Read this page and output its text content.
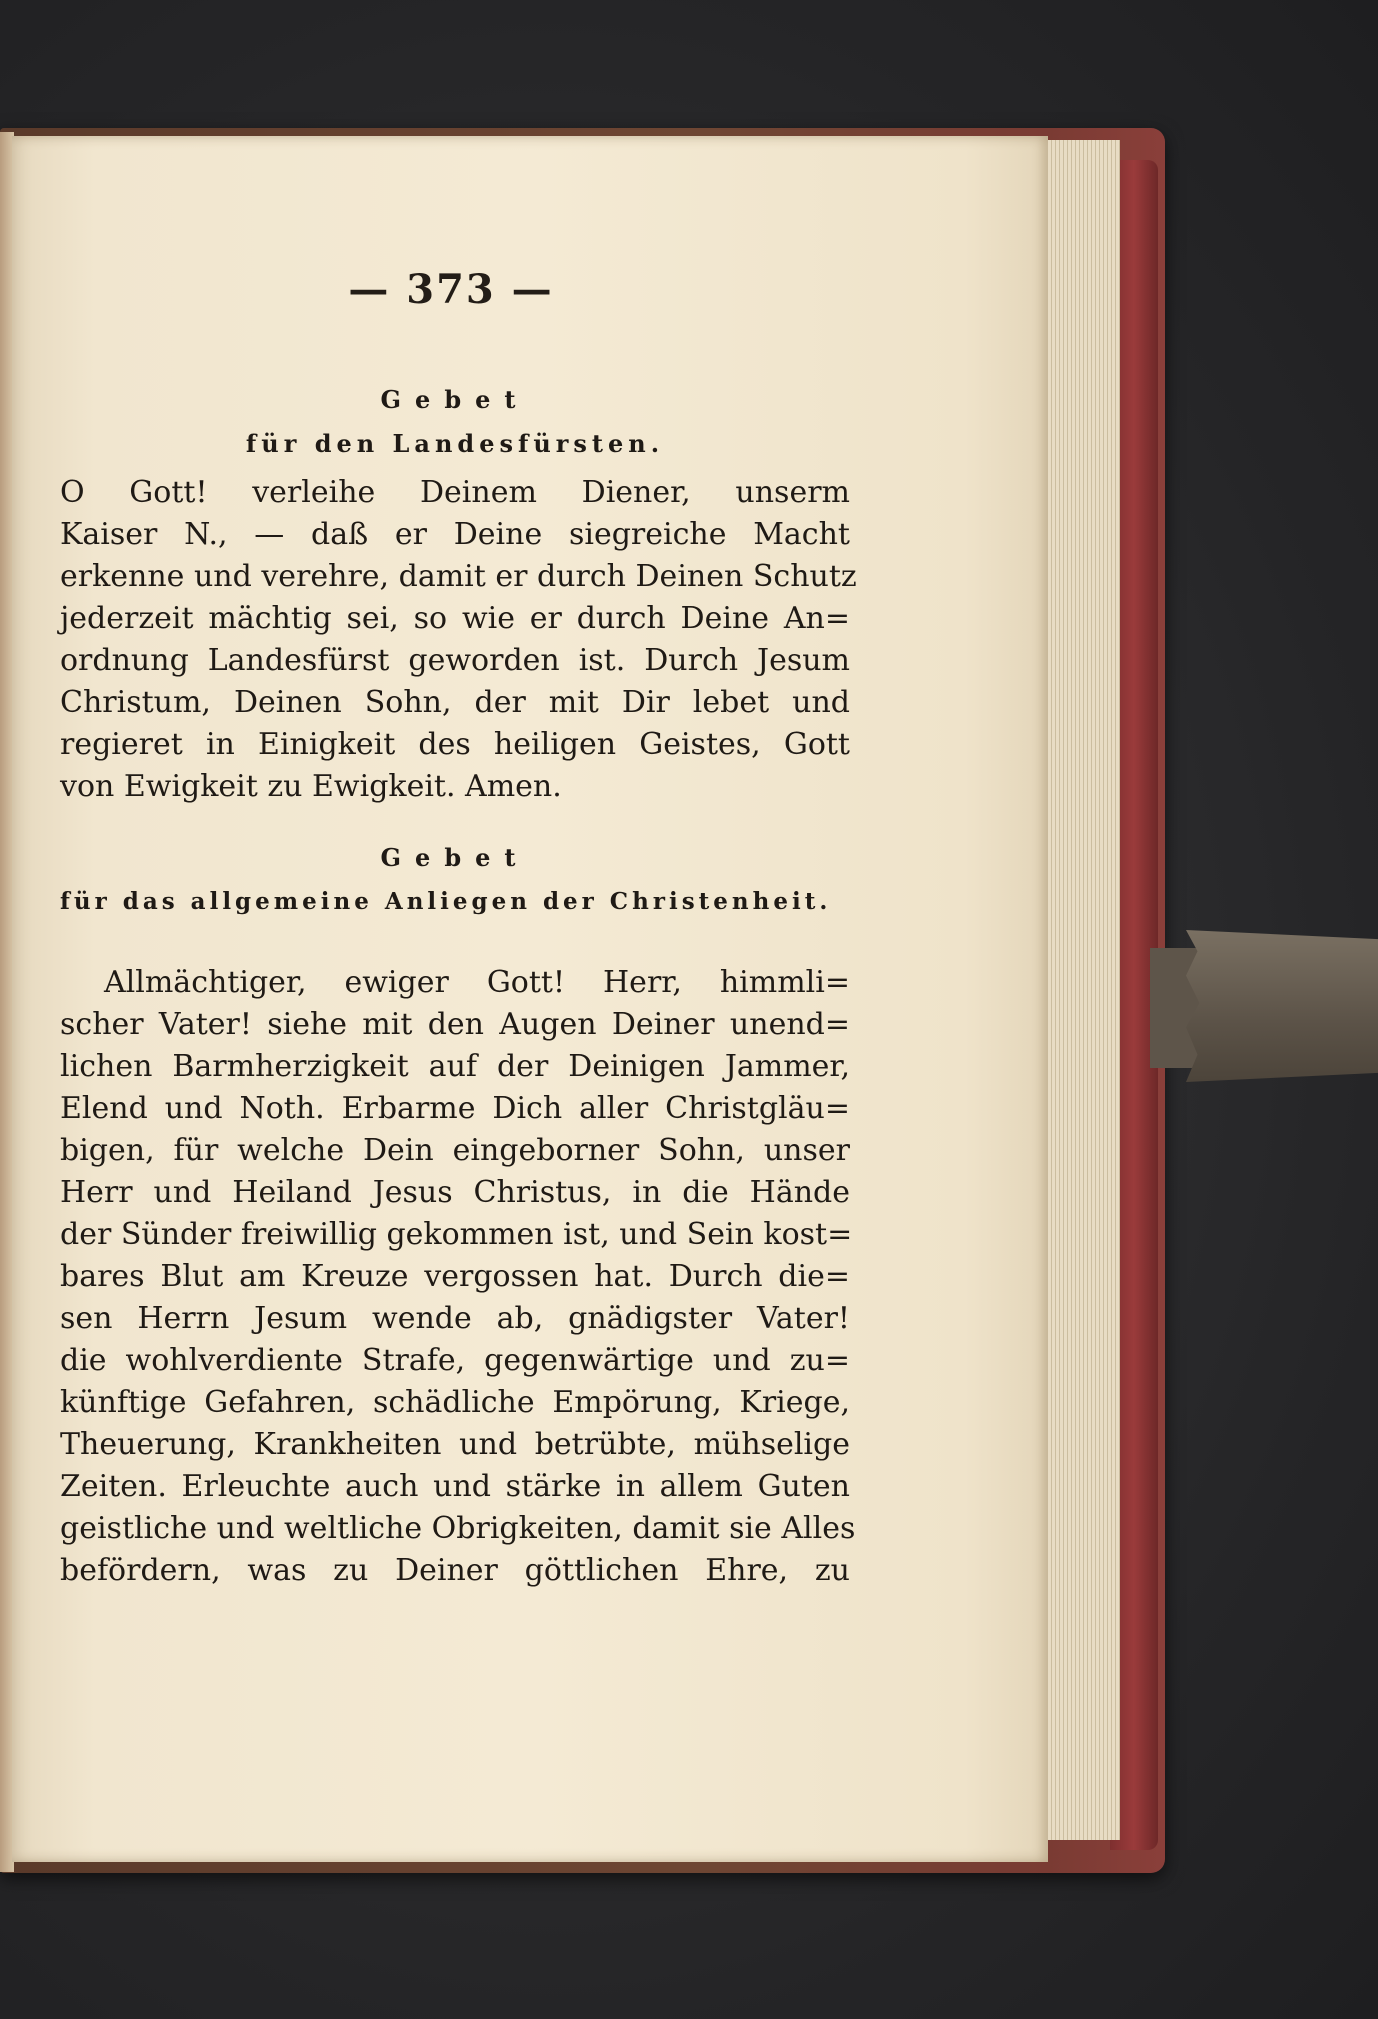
— 373 —
Gebet
für den Landesfürsten.
O Gott! verleihe Deinem Diener, unserm
Kaiser N., — daß er Deine siegreiche Macht
erkenne und verehre, damit er durch Deinen Schutz
jederzeit mächtig sei, so wie er durch Deine An=
ordnung Landesfürst geworden ist. Durch Jesum
Christum, Deinen Sohn, der mit Dir lebet und
regieret in Einigkeit des heiligen Geistes, Gott
von Ewigkeit zu Ewigkeit. Amen.
Gebet
für das allgemeine Anliegen der Christenheit.
Allmächtiger, ewiger Gott! Herr, himmli=
scher Vater! siehe mit den Augen Deiner unend=
lichen Barmherzigkeit auf der Deinigen Jammer,
Elend und Noth. Erbarme Dich aller Christgläu=
bigen, für welche Dein eingeborner Sohn, unser
Herr und Heiland Jesus Christus, in die Hände
der Sünder freiwillig gekommen ist, und Sein kost=
bares Blut am Kreuze vergossen hat. Durch die=
sen Herrn Jesum wende ab, gnädigster Vater!
die wohlverdiente Strafe, gegenwärtige und zu=
künftige Gefahren, schädliche Empörung, Kriege,
Theuerung, Krankheiten und betrübte, mühselige
Zeiten. Erleuchte auch und stärke in allem Guten
geistliche und weltliche Obrigkeiten, damit sie Alles
befördern, was zu Deiner göttlichen Ehre, zu
